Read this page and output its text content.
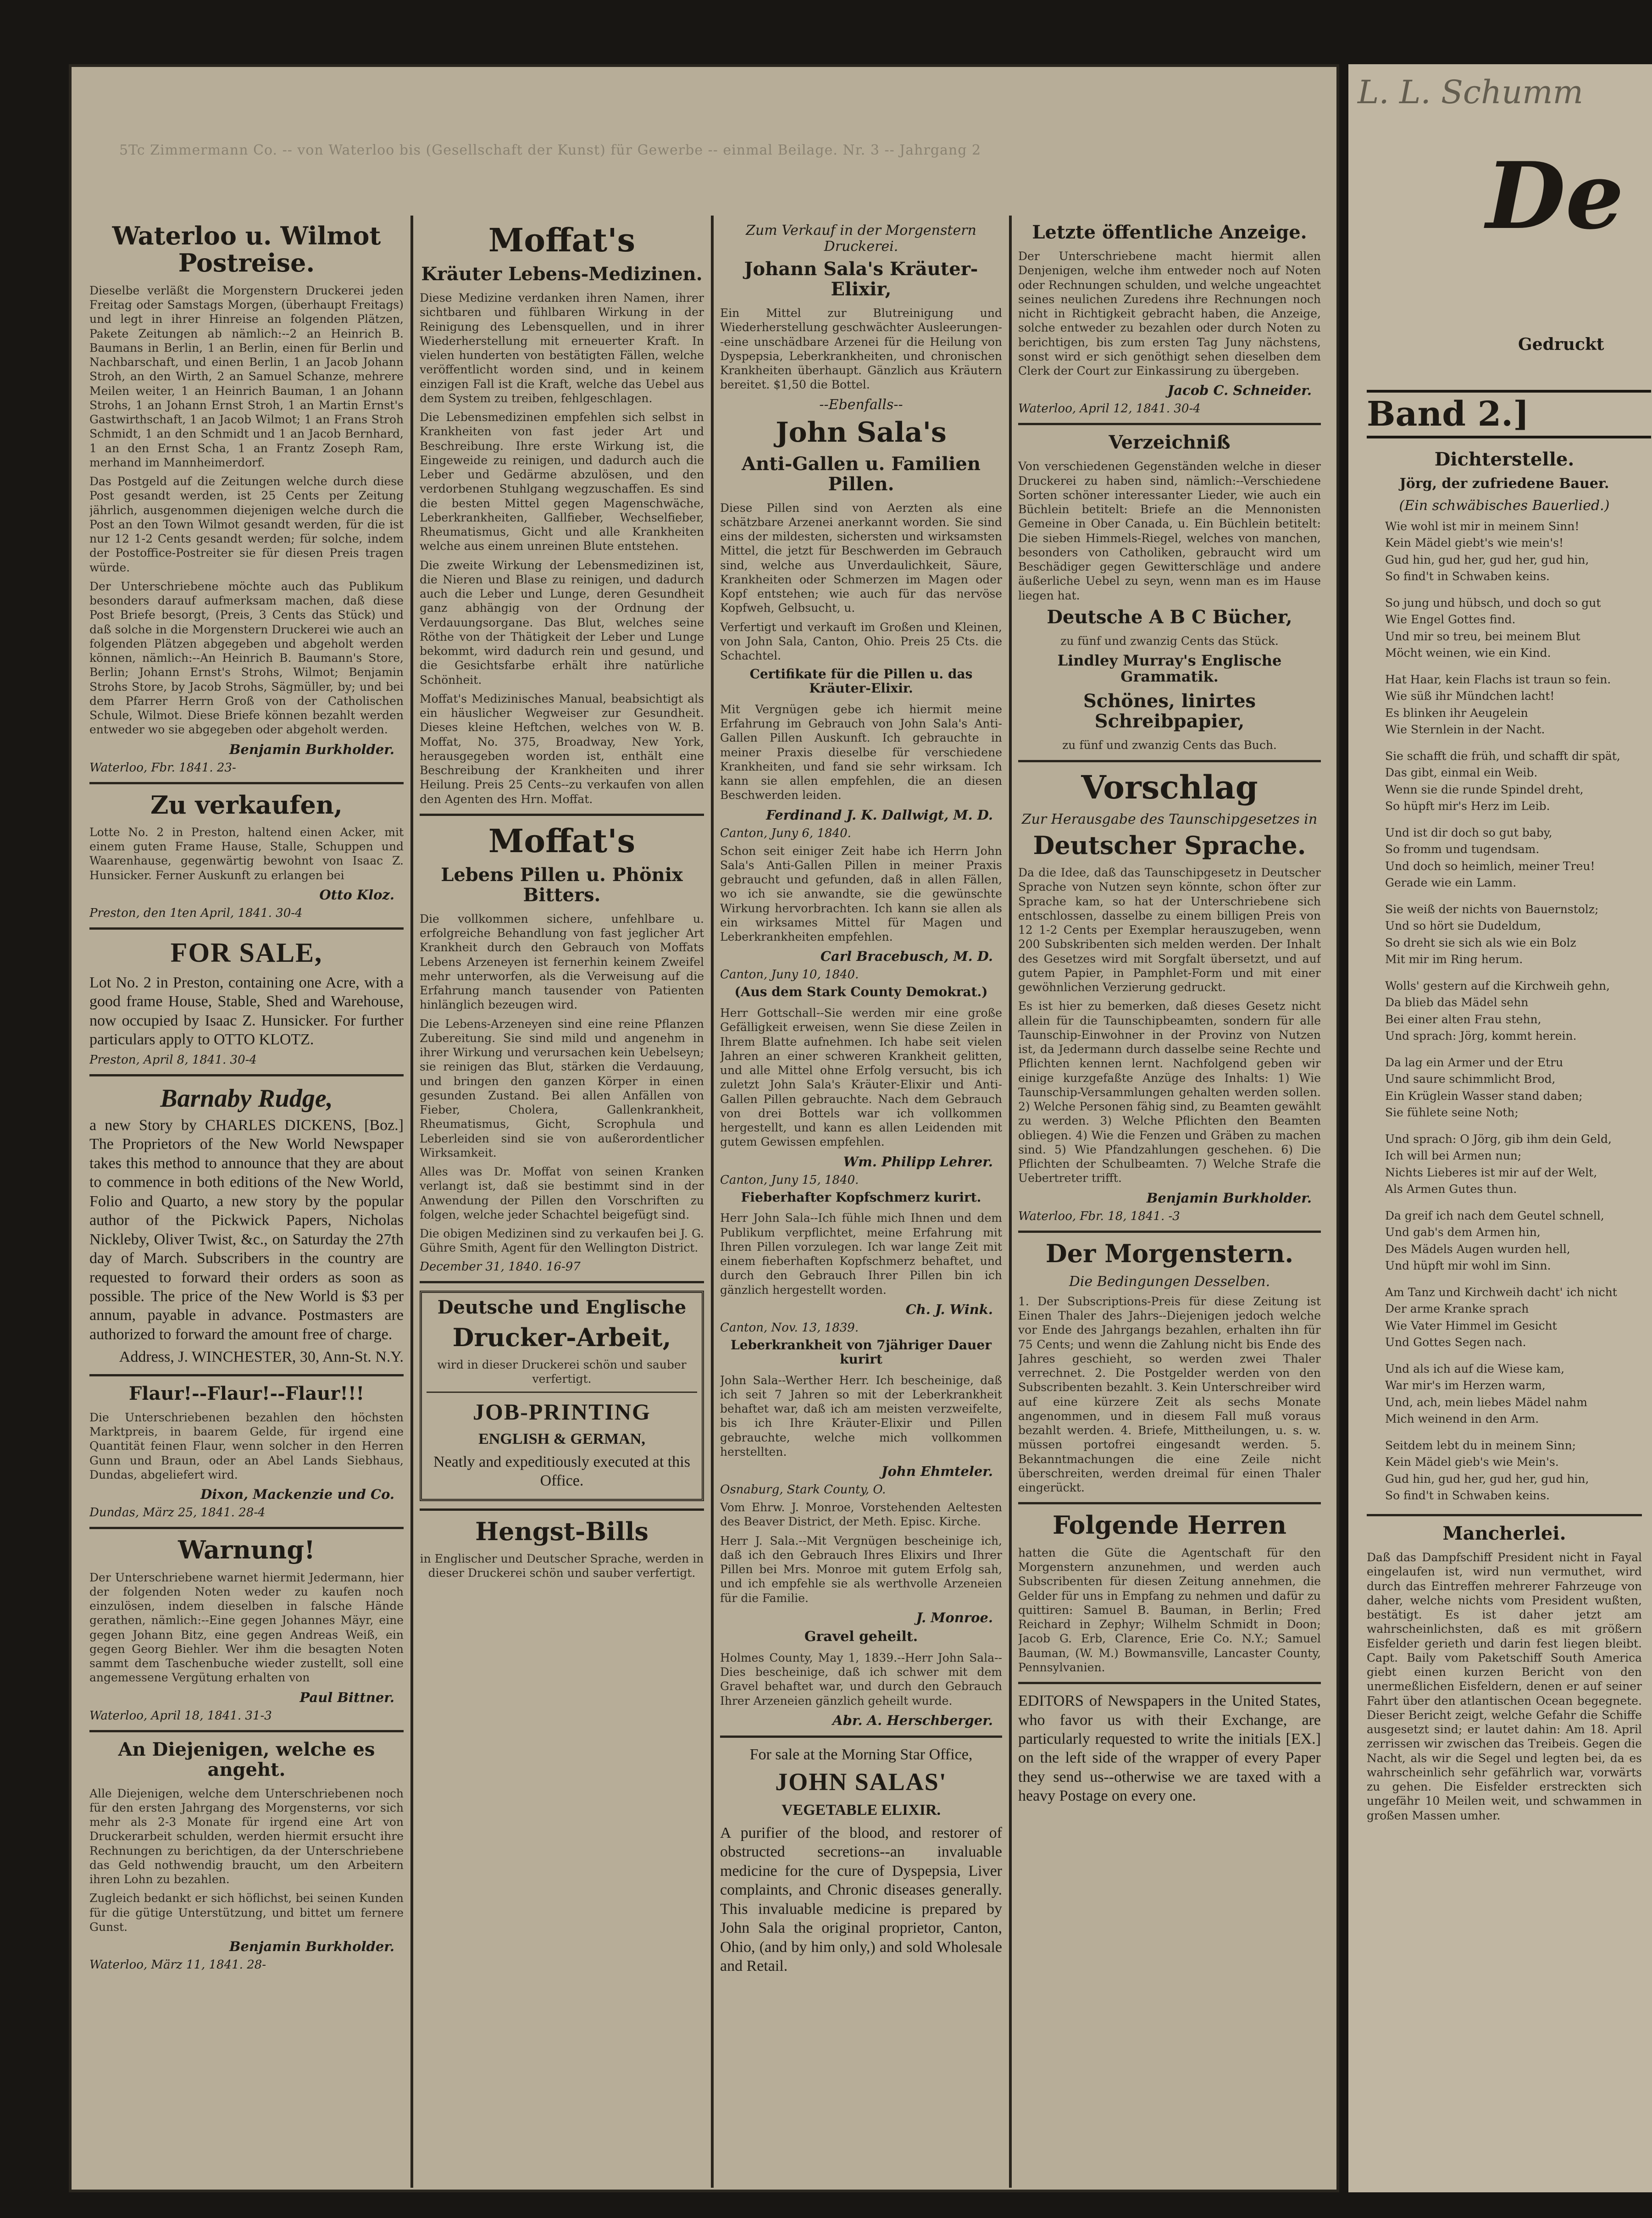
5Tc Zimmermann Co. -- von Waterloo bis (Gesellschaft der Kunst) für Gewerbe -- einmal Beilage. Nr. 3 -- Jahrgang 2
Waterloo u. Wilmot Postreise.

Dieselbe verläßt die Morgenstern Druckerei jeden Freitag oder Samstags Morgen, (überhaupt Freitags) und legt in ihrer Hinreise an folgenden Plätzen, Pakete Zeitungen ab nämlich:--2 an Heinrich B. Baumans in Berlin, 1 an Berlin, einen für Berlin und Nachbarschaft, und einen Berlin, 1 an Jacob Johann Stroh, an den Wirth, 2 an Samuel Schanze, mehrere Meilen weiter, 1 an Heinrich Bauman, 1 an Johann Strohs, 1 an Johann Ernst Stroh, 1 an Martin Ernst's Gastwirthschaft, 1 an Jacob Wilmot; 1 an Frans Stroh Schmidt, 1 an den Schmidt und 1 an Jacob Bernhard, 1 an den Ernst Scha, 1 an Frantz Zoseph Ram, merhand im Mannheimerdorf.

Das Postgeld auf die Zeitungen welche durch diese Post gesandt werden, ist 25 Cents per Zeitung jährlich, ausgenommen diejenigen welche durch die Post an den Town Wilmot gesandt werden, für die ist nur 12 1-2 Cents gesandt werden; für solche, indem der Postoffice-Postreiter sie für diesen Preis tragen würde.

Der Unterschriebene möchte auch das Publikum besonders darauf aufmerksam machen, daß diese Post Briefe besorgt, (Preis, 3 Cents das Stück) und daß solche in die Morgenstern Druckerei wie auch an folgenden Plätzen abgegeben und abgeholt werden können, nämlich:--An Heinrich B. Baumann's Store, Berlin; Johann Ernst's Strohs, Wilmot; Benjamin Strohs Store, by Jacob Strohs, Sägmüller, by; und bei dem Pfarrer Herrn Groß von der Catholischen Schule, Wilmot. Diese Briefe können bezahlt werden entweder wo sie abgegeben oder abgeholt werden.

Benjamin Burkholder.
Waterloo, Fbr. 1841. 23-
Zu verkaufen,

Lotte No. 2 in Preston, haltend einen Acker, mit einem guten Frame Hause, Stalle, Schuppen und Waarenhause, gegenwärtig bewohnt von Isaac Z. Hunsicker. Ferner Auskunft zu erlangen bei

Otto Kloz.
Preston, den 1ten April, 1841. 30-4
FOR SALE,

Lot No. 2 in Preston, containing one Acre, with a good frame House, Stable, Shed and Warehouse, now occupied by Isaac Z. Hunsicker. For further particulars apply to OTTO KLOTZ.

Preston, April 8, 1841. 30-4
Barnaby Rudge,

a new Story by CHARLES DICKENS, [Boz.] The Proprietors of the New World Newspaper takes this method to announce that they are about to commence in both editions of the New World, Folio and Quarto, a new story by the popular author of the Pickwick Papers, Nicholas Nickleby, Oliver Twist, &c., on Saturday the 27th day of March. Subscribers in the country are requested to forward their orders as soon as possible. The price of the New World is $3 per annum, payable in advance. Postmasters are authorized to forward the amount free of charge.

Address, J. WINCHESTER, 30, Ann-St. N.Y.

Flaur!--Flaur!--Flaur!!!

Die Unterschriebenen bezahlen den höchsten Marktpreis, in baarem Gelde, für irgend eine Quantität feinen Flaur, wenn solcher in den Herren Gunn und Braun, oder an Abel Lands Siebhaus, Dundas, abgeliefert wird.

Dixon, Mackenzie und Co.
Dundas, März 25, 1841. 28-4
Warnung!

Der Unterschriebene warnet hiermit Jedermann, hier der folgenden Noten weder zu kaufen noch einzulösen, indem dieselben in falsche Hände gerathen, nämlich:--Eine gegen Johannes Mäyr, eine gegen Johann Bitz, eine gegen Andreas Weiß, ein gegen Georg Biehler. Wer ihm die besagten Noten sammt dem Taschenbuche wieder zustellt, soll eine angemessene Vergütung erhalten von

Paul Bittner.
Waterloo, April 18, 1841. 31-3
An Diejenigen, welche es angeht.

Alle Diejenigen, welche dem Unterschriebenen noch für den ersten Jahrgang des Morgensterns, vor sich mehr als 2-3 Monate für irgend eine Art von Druckerarbeit schulden, werden hiermit ersucht ihre Rechnungen zu berichtigen, da der Unterschriebene das Geld nothwendig braucht, um den Arbeitern ihren Lohn zu bezahlen.

Zugleich bedankt er sich höflichst, bei seinen Kunden für die gütige Unterstützung, und bittet um fernere Gunst.

Benjamin Burkholder.
Waterloo, März 11, 1841. 28-
Moffat's
Kräuter Lebens-Medizinen.

Diese Medizine verdanken ihren Namen, ihrer sichtbaren und fühlbaren Wirkung in der Reinigung des Lebensquellen, und in ihrer Wiederherstellung mit erneuerter Kraft. In vielen hunderten von bestätigten Fällen, welche veröffentlicht worden sind, und in keinem einzigen Fall ist die Kraft, welche das Uebel aus dem System zu treiben, fehlgeschlagen.

Die Lebensmedizinen empfehlen sich selbst in Krankheiten von fast jeder Art und Beschreibung. Ihre erste Wirkung ist, die Eingeweide zu reinigen, und dadurch auch die Leber und Gedärme abzulösen, und den verdorbenen Stuhlgang wegzuschaffen. Es sind die besten Mittel gegen Magenschwäche, Leberkrankheiten, Gallfieber, Wechselfieber, Rheumatismus, Gicht und alle Krankheiten welche aus einem unreinen Blute entstehen.

Die zweite Wirkung der Lebensmedizinen ist, die Nieren und Blase zu reinigen, und dadurch auch die Leber und Lunge, deren Gesundheit ganz abhängig von der Ordnung der Verdauungsorgane. Das Blut, welches seine Röthe von der Thätigkeit der Leber und Lunge bekommt, wird dadurch rein und gesund, und die Gesichtsfarbe erhält ihre natürliche Schönheit.

Moffat's Medizinisches Manual, beabsichtigt als ein häuslicher Wegweiser zur Gesundheit. Dieses kleine Heftchen, welches von W. B. Moffat, No. 375, Broadway, New York, herausgegeben worden ist, enthält eine Beschreibung der Krankheiten und ihrer Heilung. Preis 25 Cents--zu verkaufen von allen den Agenten des Hrn. Moffat.

Moffat's
Lebens Pillen u. Phönix Bitters.

Die vollkommen sichere, unfehlbare u. erfolgreiche Behandlung von fast jeglicher Art Krankheit durch den Gebrauch von Moffats Lebens Arzeneyen ist fernerhin keinem Zweifel mehr unterworfen, als die Verweisung auf die Erfahrung manch tausender von Patienten hinlänglich bezeugen wird.

Die Lebens-Arzeneyen sind eine reine Pflanzen Zubereitung. Sie sind mild und angenehm in ihrer Wirkung und verursachen kein Uebelseyn; sie reinigen das Blut, stärken die Verdauung, und bringen den ganzen Körper in einen gesunden Zustand. Bei allen Anfällen von Fieber, Cholera, Gallenkrankheit, Rheumatismus, Gicht, Scrophula und Leberleiden sind sie von außerordentlicher Wirksamkeit.

Alles was Dr. Moffat von seinen Kranken verlangt ist, daß sie bestimmt sind in der Anwendung der Pillen den Vorschriften zu folgen, welche jeder Schachtel beigefügt sind.

Die obigen Medizinen sind zu verkaufen bei J. G. Gühre Smith, Agent für den Wellington District.

December 31, 1840. 16-97
Deutsche und Englische
Drucker-Arbeit,

wird in dieser Druckerei schön und sauber verfertigt.

JOB-PRINTING
ENGLISH & GERMAN,

Neatly and expeditiously executed at this Office.

Hengst-Bills

in Englischer und Deutscher Sprache, werden in dieser Druckerei schön und sauber verfertigt.

Zum Verkauf in der Morgenstern Druckerei.
Johann Sala's Kräuter-Elixir,

Ein Mittel zur Blutreinigung und Wiederherstellung geschwächter Ausleerungen--eine unschädbare Arzenei für die Heilung von Dyspepsia, Leberkrankheiten, und chronischen Krankheiten überhaupt. Gänzlich aus Kräutern bereitet. $1,50 die Bottel.

--Ebenfalls--
John Sala's
Anti-Gallen u. Familien Pillen.

Diese Pillen sind von Aerzten als eine schätzbare Arzenei anerkannt worden. Sie sind eins der mildesten, sichersten und wirksamsten Mittel, die jetzt für Beschwerden im Gebrauch sind, welche aus Unverdaulichkeit, Säure, Krankheiten oder Schmerzen im Magen oder Kopf entstehen; wie auch für das nervöse Kopfweh, Gelbsucht, u.

Verfertigt und verkauft im Großen und Kleinen, von John Sala, Canton, Ohio. Preis 25 Cts. die Schachtel.

Certifikate für die Pillen u. das Kräuter-Elixir.

Mit Vergnügen gebe ich hiermit meine Erfahrung im Gebrauch von John Sala's Anti-Gallen Pillen Auskunft. Ich gebrauchte in meiner Praxis dieselbe für verschiedene Krankheiten, und fand sie sehr wirksam. Ich kann sie allen empfehlen, die an diesen Beschwerden leiden.

Ferdinand J. K. Dallwigt, M. D.
Canton, Juny 6, 1840.

Schon seit einiger Zeit habe ich Herrn John Sala's Anti-Gallen Pillen in meiner Praxis gebraucht und gefunden, daß in allen Fällen, wo ich sie anwandte, sie die gewünschte Wirkung hervorbrachten. Ich kann sie allen als ein wirksames Mittel für Magen und Leberkrankheiten empfehlen.

Carl Bracebusch, M. D.
Canton, Juny 10, 1840.
(Aus dem Stark County Demokrat.)

Herr Gottschall--Sie werden mir eine große Gefälligkeit erweisen, wenn Sie diese Zeilen in Ihrem Blatte aufnehmen. Ich habe seit vielen Jahren an einer schweren Krankheit gelitten, und alle Mittel ohne Erfolg versucht, bis ich zuletzt John Sala's Kräuter-Elixir und Anti-Gallen Pillen gebrauchte. Nach dem Gebrauch von drei Bottels war ich vollkommen hergestellt, und kann es allen Leidenden mit gutem Gewissen empfehlen.

Wm. Philipp Lehrer.
Canton, Juny 15, 1840.
Fieberhafter Kopfschmerz kurirt.

Herr John Sala--Ich fühle mich Ihnen und dem Publikum verpflichtet, meine Erfahrung mit Ihren Pillen vorzulegen. Ich war lange Zeit mit einem fieberhaften Kopfschmerz behaftet, und durch den Gebrauch Ihrer Pillen bin ich gänzlich hergestellt worden.

Ch. J. Wink.
Canton, Nov. 13, 1839.
Leberkrankheit von 7jähriger Dauer kurirt

John Sala--Werther Herr. Ich bescheinige, daß ich seit 7 Jahren so mit der Leberkrankheit behaftet war, daß ich am meisten verzweifelte, bis ich Ihre Kräuter-Elixir und Pillen gebrauchte, welche mich vollkommen herstellten.

John Ehmteler.
Osnaburg, Stark County, O.

Vom Ehrw. J. Monroe, Vorstehenden Aeltesten des Beaver District, der Meth. Episc. Kirche.

Herr J. Sala.--Mit Vergnügen bescheinige ich, daß ich den Gebrauch Ihres Elixirs und Ihrer Pillen bei Mrs. Monroe mit gutem Erfolg sah, und ich empfehle sie als werthvolle Arzeneien für die Familie.

J. Monroe.
Gravel geheilt.

Holmes County, May 1, 1839.--Herr John Sala--Dies bescheinige, daß ich schwer mit dem Gravel behaftet war, und durch den Gebrauch Ihrer Arzeneien gänzlich geheilt wurde.

Abr. A. Herschberger.
For sale at the Morning Star Office,
JOHN SALAS'
VEGETABLE ELIXIR.

A purifier of the blood, and restorer of obstructed secretions--an invaluable medicine for the cure of Dyspepsia, Liver complaints, and Chronic diseases generally. This invaluable medicine is prepared by John Sala the original proprietor, Canton, Ohio, (and by him only,) and sold Wholesale and Retail.

Letzte öffentliche Anzeige.

Der Unterschriebene macht hiermit allen Denjenigen, welche ihm entweder noch auf Noten oder Rechnungen schulden, und welche ungeachtet seines neulichen Zuredens ihre Rechnungen noch nicht in Richtigkeit gebracht haben, die Anzeige, solche entweder zu bezahlen oder durch Noten zu berichtigen, bis zum ersten Tag Juny nächstens, sonst wird er sich genöthigt sehen dieselben dem Clerk der Court zur Einkassirung zu übergeben.

Jacob C. Schneider.
Waterloo, April 12, 1841. 30-4
Verzeichniß

Von verschiedenen Gegenständen welche in dieser Druckerei zu haben sind, nämlich:--Verschiedene Sorten schöner interessanter Lieder, wie auch ein Büchlein betitelt: Briefe an die Mennonisten Gemeine in Ober Canada, u. Ein Büchlein betitelt: Die sieben Himmels-Riegel, welches von manchen, besonders von Catholiken, gebraucht wird um Beschädiger gegen Gewitterschläge und andere äußerliche Uebel zu seyn, wenn man es im Hause liegen hat.

Deutsche A B C Bücher,

zu fünf und zwanzig Cents das Stück.

Lindley Murray's Englische Grammatik.
Schönes, linirtes Schreibpapier,

zu fünf und zwanzig Cents das Buch.

Vorschlag
Zur Herausgabe des Taunschipgesetzes in
Deutscher Sprache.

Da die Idee, daß das Taunschipgesetz in Deutscher Sprache von Nutzen seyn könnte, schon öfter zur Sprache kam, so hat der Unterschriebene sich entschlossen, dasselbe zu einem billigen Preis von 12 1-2 Cents per Exemplar herauszugeben, wenn 200 Subskribenten sich melden werden. Der Inhalt des Gesetzes wird mit Sorgfalt übersetzt, und auf gutem Papier, in Pamphlet-Form und mit einer gewöhnlichen Verzierung gedruckt.

Es ist hier zu bemerken, daß dieses Gesetz nicht allein für die Taunschipbeamten, sondern für alle Taunschip-Einwohner in der Provinz von Nutzen ist, da Jedermann durch dasselbe seine Rechte und Pflichten kennen lernt. Nachfolgend geben wir einige kurzgefaßte Anzüge des Inhalts: 1) Wie Taunschip-Versammlungen gehalten werden sollen. 2) Welche Personen fähig sind, zu Beamten gewählt zu werden. 3) Welche Pflichten den Beamten obliegen. 4) Wie die Fenzen und Gräben zu machen sind. 5) Wie Pfandzahlungen geschehen. 6) Die Pflichten der Schulbeamten. 7) Welche Strafe die Uebertreter trifft.

Benjamin Burkholder.
Waterloo, Fbr. 18, 1841. -3
Der Morgenstern.
Die Bedingungen Desselben.

1. Der Subscriptions-Preis für diese Zeitung ist Einen Thaler des Jahrs--Diejenigen jedoch welche vor Ende des Jahrgangs bezahlen, erhalten ihn für 75 Cents; und wenn die Zahlung nicht bis Ende des Jahres geschieht, so werden zwei Thaler verrechnet. 2. Die Postgelder werden von den Subscribenten bezahlt. 3. Kein Unterschreiber wird auf eine kürzere Zeit als sechs Monate angenommen, und in diesem Fall muß voraus bezahlt werden. 4. Briefe, Mittheilungen, u. s. w. müssen portofrei eingesandt werden. 5. Bekanntmachungen die eine Zeile nicht überschreiten, werden dreimal für einen Thaler eingerückt.

Folgende Herren

hatten die Güte die Agentschaft für den Morgenstern anzunehmen, und werden auch Subscribenten für diesen Zeitung annehmen, die Gelder für uns in Empfang zu nehmen und dafür zu quittiren: Samuel B. Bauman, in Berlin; Fred Reichard in Zephyr; Wilhelm Schmidt in Doon; Jacob G. Erb, Clarence, Erie Co. N.Y.; Samuel Bauman, (W. M.) Bowmansville, Lancaster County, Pennsylvanien.

EDITORS of Newspapers in the United States, who favor us with their Exchange, are particularly requested to write the initials [EX.] on the left side of the wrapper of every Paper they send us--otherwise we are taxed with a heavy Postage on every one.

L. L. Schumm
De
Gedruckt
Band 2.]
Dichterstelle.
Jörg, der zufriedene Bauer.
(Ein schwäbisches Bauerlied.)
Wie wohl ist mir in meinem Sinn!
Kein Mädel giebt's wie mein's!
Gud hin, gud her, gud her, gud hin,
So find't in Schwaben keins.
So jung und hübsch, und doch so gut
Wie Engel Gottes find.
Und mir so treu, bei meinem Blut
Möcht weinen, wie ein Kind.
Hat Haar, kein Flachs ist traun so fein.
Wie süß ihr Mündchen lacht!
Es blinken ihr Aeugelein
Wie Sternlein in der Nacht.
Sie schafft die früh, und schafft dir spät,
Das gibt, einmal ein Weib.
Wenn sie die runde Spindel dreht,
So hüpft mir's Herz im Leib.
Und ist dir doch so gut baby,
So fromm und tugendsam.
Und doch so heimlich, meiner Treu!
Gerade wie ein Lamm.
Sie weiß der nichts von Bauernstolz;
Und so hört sie Dudeldum,
So dreht sie sich als wie ein Bolz
Mit mir im Ring herum.
Wolls' gestern auf die Kirchweih gehn,
Da blieb das Mädel sehn
Bei einer alten Frau stehn,
Und sprach: Jörg, kommt herein.
Da lag ein Armer und der Etru
Und saure schimmlicht Brod,
Ein Krüglein Wasser stand daben;
Sie fühlete seine Noth;
Und sprach: O Jörg, gib ihm dein Geld,
Ich will bei Armen nun;
Nichts Lieberes ist mir auf der Welt,
Als Armen Gutes thun.
Da greif ich nach dem Geutel schnell,
Und gab's dem Armen hin,
Des Mädels Augen wurden hell,
Und hüpft mir wohl im Sinn.
Am Tanz und Kirchweih dacht' ich nicht
Der arme Kranke sprach
Wie Vater Himmel im Gesicht
Und Gottes Segen nach.
Und als ich auf die Wiese kam,
War mir's im Herzen warm,
Und, ach, mein liebes Mädel nahm
Mich weinend in den Arm.
Seitdem lebt du in meinem Sinn;
Kein Mädel gieb's wie Mein's.
Gud hin, gud her, gud her, gud hin,
So find't in Schwaben keins.
Mancherlei.

Daß das Dampfschiff President nicht in Fayal eingelaufen ist, wird nun vermuthet, wird durch das Eintreffen mehrerer Fahrzeuge von daher, welche nichts vom President wußten, bestätigt. Es ist daher jetzt am wahrscheinlichsten, daß es mit größern Eisfelder gerieth und darin fest liegen bleibt. Capt. Baily vom Paketschiff South America giebt einen kurzen Bericht von den unermeßlichen Eisfeldern, denen er auf seiner Fahrt über den atlantischen Ocean begegnete. Dieser Bericht zeigt, welche Gefahr die Schiffe ausgesetzt sind; er lautet dahin: Am 18. April zerrissen wir zwischen das Treibeis. Gegen die Nacht, als wir die Segel und legten bei, da es wahrscheinlich sehr gefährlich war, vorwärts zu gehen. Die Eisfelder erstreckten sich ungefähr 10 Meilen weit, und schwammen in großen Massen umher.
